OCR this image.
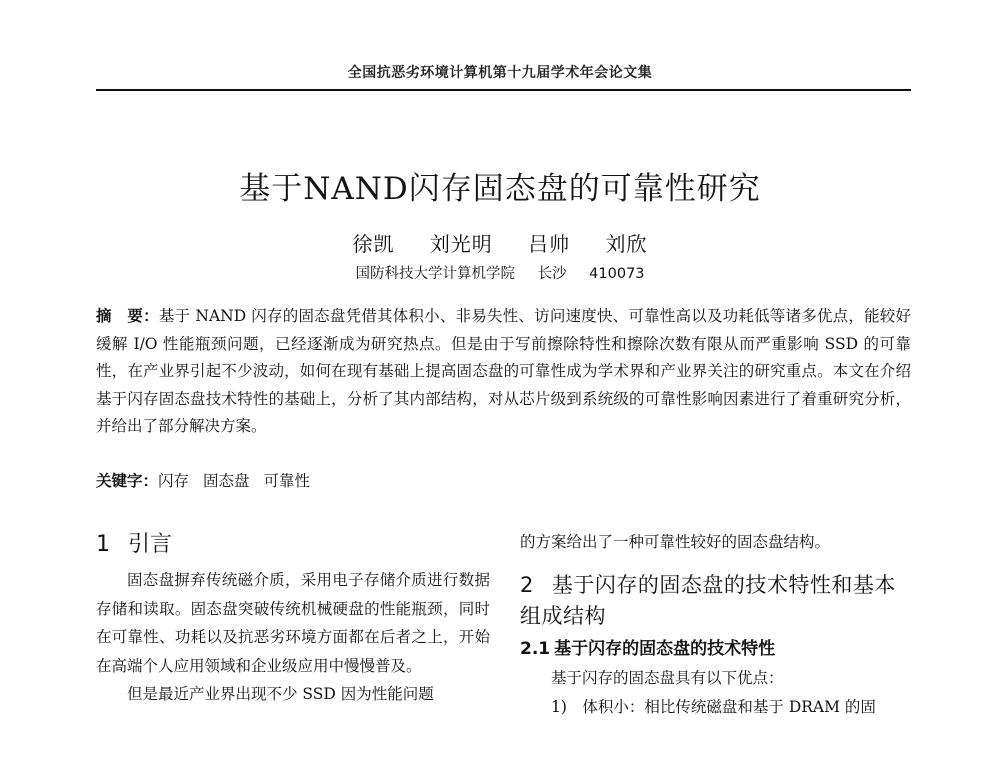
全国抗恶劣环境计算机第十九届学术年会论文集
基于NAND闪存固态盘的可靠性研究
徐凯 刘光明 吕帅 刘欣
国防科技大学计算机学院 长沙 410073
摘　要：基于 NAND 闪存的固态盘凭借其体积小、非易失性、访问速度快、可靠性高以及功耗低等诸多优点，能较好缓解 I/O 性能瓶颈问题，已经逐渐成为研究热点。但是由于写前擦除特性和擦除次数有限从而严重影响 SSD 的可靠性，在产业界引起不少波动，如何在现有基础上提高固态盘的可靠性成为学术界和产业界关注的研究重点。本文在介绍基于闪存固态盘技术特性的基础上，分析了其内部结构，对从芯片级到系统级的可靠性影响因素进行了着重研究分析，并给出了部分解决方案。
关键字：闪存 固态盘 可靠性
1 引言

固态盘摒弃传统磁介质，采用电子存储介质进行数据存储和读取。固态盘突破传统机械硬盘的性能瓶颈，同时在可靠性、功耗以及抗恶劣环境方面都在后者之上，开始在高端个人应用领域和企业级应用中慢慢普及。

但是最近产业界出现不少 SSD 因为性能问题

的方案给出了一种可靠性较好的固态盘结构。

2 基于闪存的固态盘的技术特性和基本组成结构
2.1 基于闪存的固态盘的技术特性

基于闪存的固态盘具有以下优点：

1)　体积小：相比传统磁盘和基于 DRAM 的固
